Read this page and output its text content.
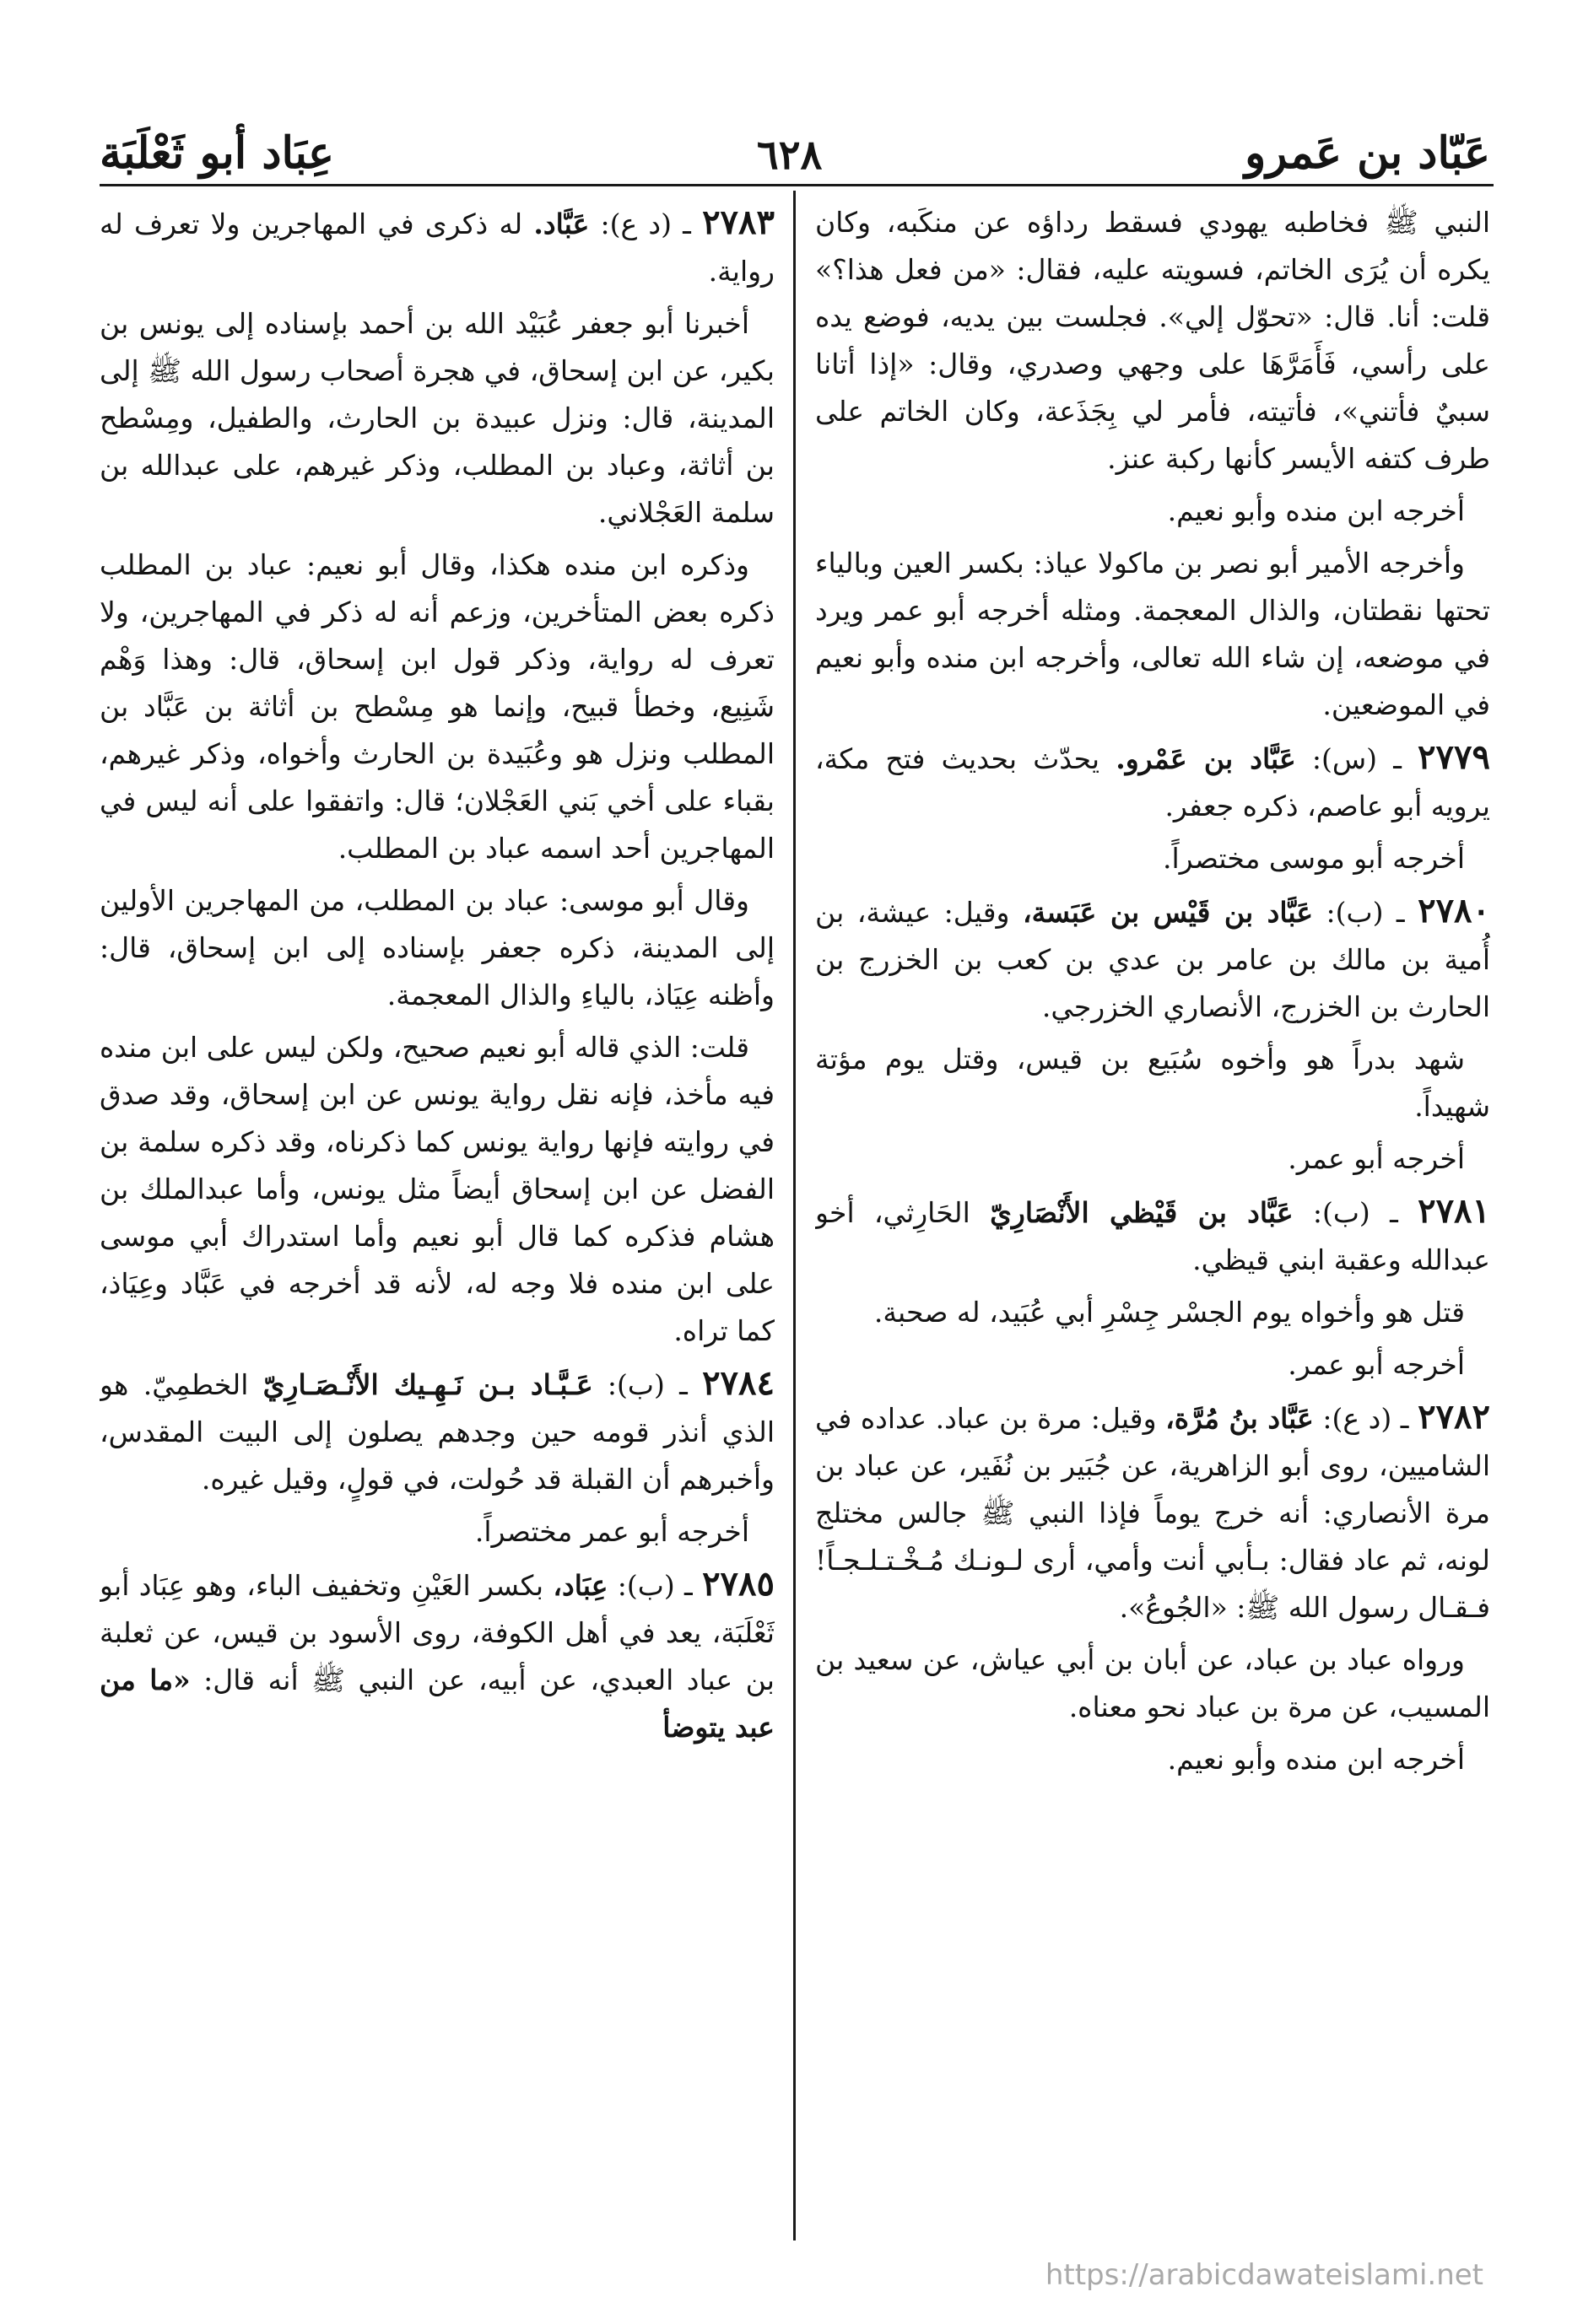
عَبّاد بن عَمرو
٦٢٨
عِبَاد أبو ثَعْلَبَة

النبي ﷺ فخاطبه يهودي فسقط رداؤه عن منكَبه، وكان يكره أن يُرَى الخاتم، فسويته عليه، فقال: «من فعل هذا؟» قلت: أنا. قال: «تحوّل إلي». فجلست بين يديه، فوضع يده على رأسي، فَأَمَرَّهَا على وجهي وصدري، وقال: «إذا أتانا سبيٌ فأتني»، فأتيته، فأمر لي بِجَذَعة، وكان الخاتم على طرف كتفه الأيسر كأنها ركبة عنز.

أخرجه ابن منده وأبو نعيم.

وأخرجه الأمير أبو نصر بن ماكولا عياذ: بكسر العين وبالياء تحتها نقطتان، والذال المعجمة. ومثله أخرجه أبو عمر ويرد في موضعه، إن شاء الله تعالى، وأخرجه ابن منده وأبو نعيم في الموضعين.

٢٧٧٩ ـ (س): عَبَّاد بن عَمْرو. يحدّث بحديث فتح مكة، يرويه أبو عاصم، ذكره جعفر.

أخرجه أبو موسى مختصراً.

٢٧٨٠ ـ (ب): عَبَّاد بن قَيْس بن عَبَسة، وقيل: عيشة، بن أُمية بن مالك بن عامر بن عدي بن كعب بن الخزرج بن الحارث بن الخزرج، الأنصاري الخزرجي.

شهد بدراً هو وأخوه سُبَيع بن قيس، وقتل يوم مؤتة شهيداً.

أخرجه أبو عمر.

٢٧٨١ ـ (ب): عَبَّاد بن قَيْظي الأَنْصَارِيّ الحَارِثي، أخو عبدالله وعقبة ابني قيظي.

قتل هو وأخواه يوم الجسْر جِسْرِ أبي عُبَيد، له صحبة.

أخرجه أبو عمر.

٢٧٨٢ ـ (د ع): عَبَّاد بنُ مُرَّة، وقيل: مرة بن عباد. عداده في الشاميين، روى أبو الزاهرية، عن جُبَير بن نُفَير، عن عباد بن مرة الأنصاري: أنه خرج يوماً فإذا النبي ﷺ جالس مختلج لونه، ثم عاد فقال: بـأبي أنت وأمي، أرى لـونـك مُـخْـتـلـجـاً! فـقـال رسول الله ﷺ: «الجُوعُ».

ورواه عباد بن عباد، عن أبان بن أبي عياش، عن سعيد بن المسيب، عن مرة بن عباد نحو معناه.

أخرجه ابن منده وأبو نعيم.

٢٧٨٣ ـ (د ع): عَبَّاد. له ذكرى في المهاجرين ولا تعرف له رواية.

أخبرنا أبو جعفر عُبَيْد الله بن أحمد بإسناده إلى يونس بن بكير، عن ابن إسحاق، في هجرة أصحاب رسول الله ﷺ إلى المدينة، قال: ونزل عبيدة بن الحارث، والطفيل، ومِسْطح بن أثاثة، وعباد بن المطلب، وذكر غيرهم، على عبدالله بن سلمة العَجْلاني.

وذكره ابن منده هكذا، وقال أبو نعيم: عباد بن المطلب ذكره بعض المتأخرين، وزعم أنه له ذكر في المهاجرين، ولا تعرف له رواية، وذكر قول ابن إسحاق، قال: وهذا وَهْم شَنِيع، وخطأ قبيح، وإنما هو مِسْطح بن أثاثة بن عَبَّاد بن المطلب ونزل هو وعُبَيدة بن الحارث وأخواه، وذكر غيرهم، بقباء على أخي بَني العَجْلان؛ قال: واتفقوا على أنه ليس في المهاجرين أحد اسمه عباد بن المطلب.

وقال أبو موسى: عباد بن المطلب، من المهاجرين الأولين إلى المدينة، ذكره جعفر بإسناده إلى ابن إسحاق، قال: وأظنه عِيَاذ، بالياءِ والذال المعجمة.

قلت: الذي قاله أبو نعيم صحيح، ولكن ليس على ابن منده فيه مأخذ، فإنه نقل رواية يونس عن ابن إسحاق، وقد صدق في روايته فإنها رواية يونس كما ذكرناه، وقد ذكره سلمة بن الفضل عن ابن إسحاق أيضاً مثل يونس، وأما عبدالملك بن هشام فذكره كما قال أبو نعيم وأما استدراك أبي موسى على ابن منده فلا وجه له، لأنه قد أخرجه في عَبَّاد وعِيَاذ، كما تراه.

٢٧٨٤ ـ (ب): عَـبَّـاد بـن نَـهِـيك الأَنْـصَـارِيّ الخطمِيّ. هو الذي أنذر قومه حين وجدهم يصلون إلى البيت المقدس، وأخبرهم أن القبلة قد حُولت، في قولٍ، وقيل غيره.

أخرجه أبو عمر مختصراً.

٢٧٨٥ ـ (ب): عِبَاد، بكسر العَيْنِ وتخفيف الباء، وهو عِبَاد أبو ثَعْلَبَة، يعد في أهل الكوفة، روى الأسود بن قيس، عن ثعلبة بن عباد العبدي، عن أبيه، عن النبي ﷺ أنه قال: «ما من عبد يتوضأ

https://arabicdawateislami.net
